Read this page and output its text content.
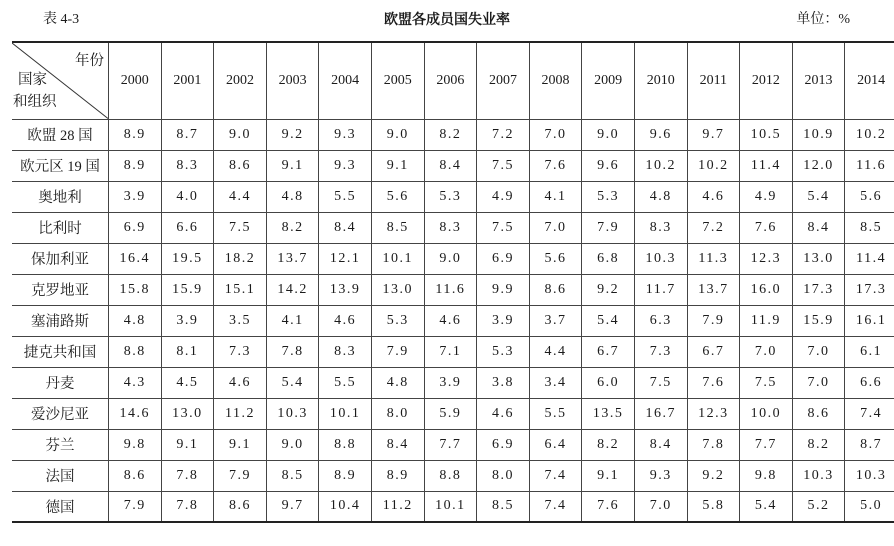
表 4-3	欧盟各成员国失业率	单位：%
年份
国家
和组织	2000	2001	2002	2003	2004	2005	2006	2007	2008	2009	2010	2011	2012	2013	2014
欧盟 28 国	8.9	8.7	9.0	9.2	9.3	9.0	8.2	7.2	7.0	9.0	9.6	9.7	10.5	10.9	10.2
欧元区 19 国	8.9	8.3	8.6	9.1	9.3	9.1	8.4	7.5	7.6	9.6	10.2	10.2	11.4	12.0	11.6
奥地利	3.9	4.0	4.4	4.8	5.5	5.6	5.3	4.9	4.1	5.3	4.8	4.6	4.9	5.4	5.6
比利时	6.9	6.6	7.5	8.2	8.4	8.5	8.3	7.5	7.0	7.9	8.3	7.2	7.6	8.4	8.5
保加利亚	16.4	19.5	18.2	13.7	12.1	10.1	9.0	6.9	5.6	6.8	10.3	11.3	12.3	13.0	11.4
克罗地亚	15.8	15.9	15.1	14.2	13.9	13.0	11.6	9.9	8.6	9.2	11.7	13.7	16.0	17.3	17.3
塞浦路斯	4.8	3.9	3.5	4.1	4.6	5.3	4.6	3.9	3.7	5.4	6.3	7.9	11.9	15.9	16.1
捷克共和国	8.8	8.1	7.3	7.8	8.3	7.9	7.1	5.3	4.4	6.7	7.3	6.7	7.0	7.0	6.1
丹麦	4.3	4.5	4.6	5.4	5.5	4.8	3.9	3.8	3.4	6.0	7.5	7.6	7.5	7.0	6.6
爱沙尼亚	14.6	13.0	11.2	10.3	10.1	8.0	5.9	4.6	5.5	13.5	16.7	12.3	10.0	8.6	7.4
芬兰	9.8	9.1	9.1	9.0	8.8	8.4	7.7	6.9	6.4	8.2	8.4	7.8	7.7	8.2	8.7
法国	8.6	7.8	7.9	8.5	8.9	8.9	8.8	8.0	7.4	9.1	9.3	9.2	9.8	10.3	10.3
德国	7.9	7.8	8.6	9.7	10.4	11.2	10.1	8.5	7.4	7.6	7.0	5.8	5.4	5.2	5.0
